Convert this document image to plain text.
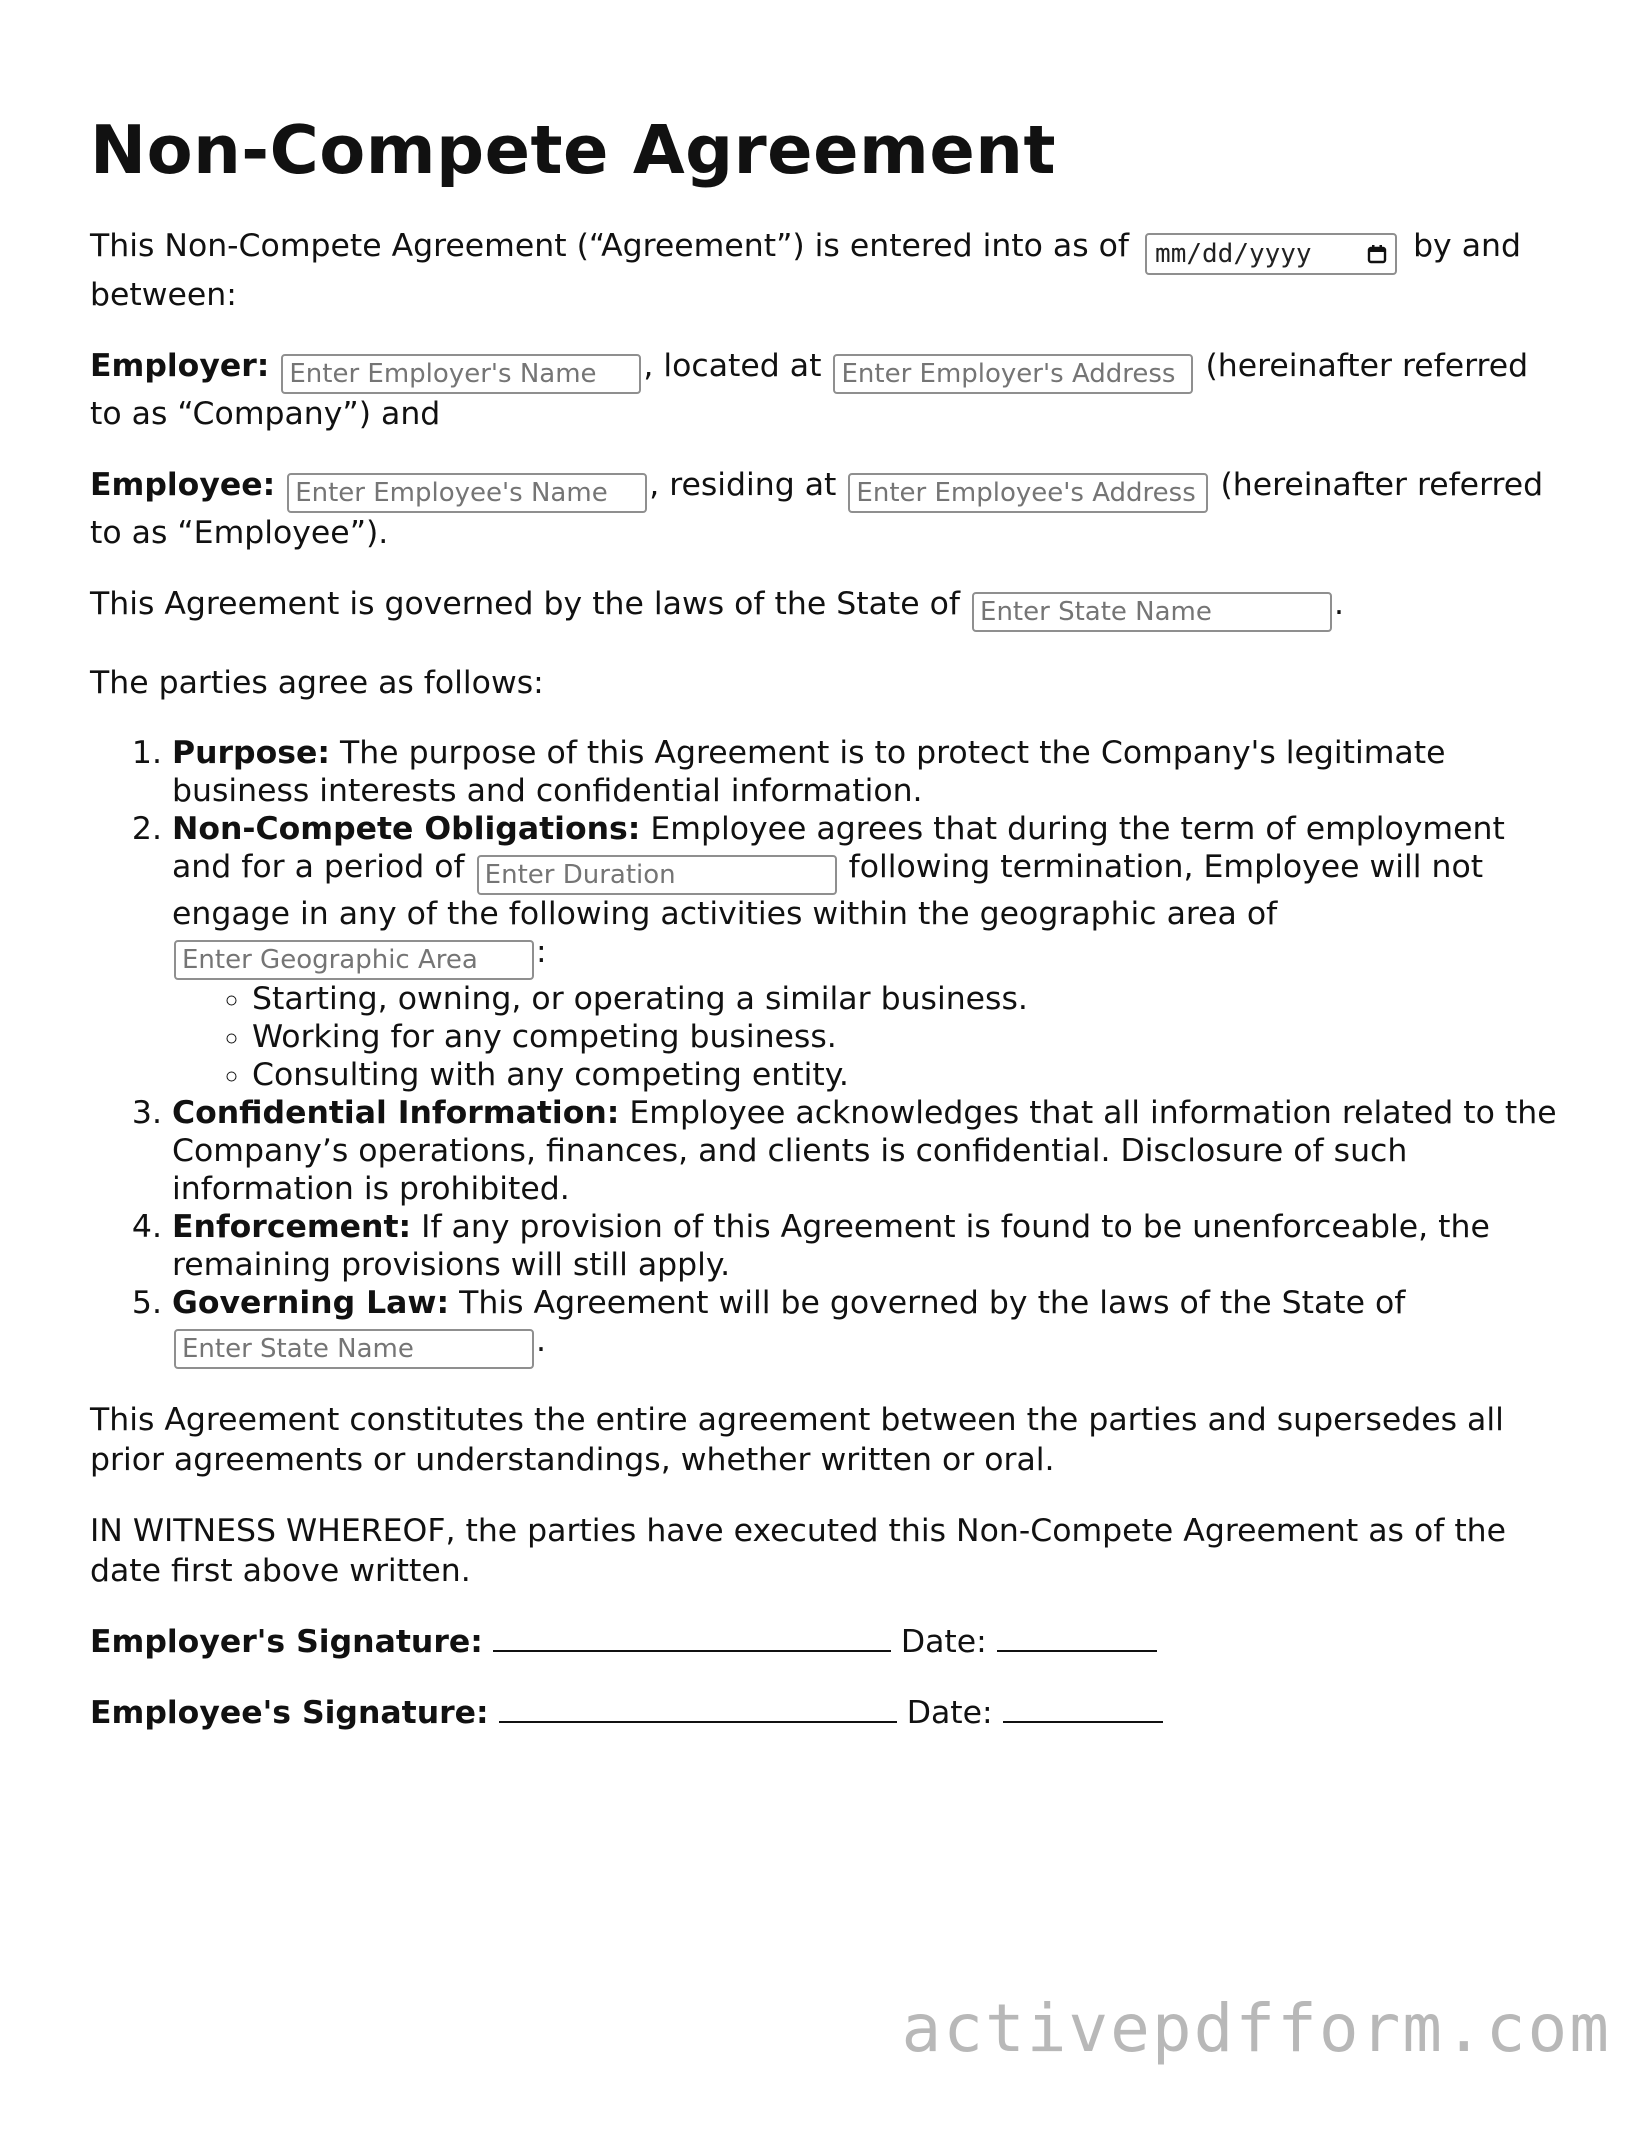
Non-Compete Agreement

This Non-Compete Agreement (“Agreement”) is entered into as of mm/dd/yyyy	by and between:

Employer: Enter Employer's Name	, located at Enter Employer's Address	(hereinafter referred to as “Company”) and

Employee: Enter Employee's Name	, residing at Enter Employee's Address	(hereinafter referred to as “Employee”).

This Agreement is governed by the laws of the State of Enter State Name	.

The parties agree as follows:

1. Purpose: The purpose of this Agreement is to protect the Company's legitimate business interests and confidential information.
2. Non-Compete Obligations: Employee agrees that during the term of employment and for a period of Enter Duration	following termination, Employee will not engage in any of the following activities within the geographic area of Enter Geographic Area:
◦ Starting, owning, or operating a similar business.
◦ Working for any competing business.
◦ Consulting with any competing entity.
3. Confidential Information: Employee acknowledges that all information related to the Company’s operations, finances, and clients is confidential. Disclosure of such information is prohibited.
4. Enforcement: If any provision of this Agreement is found to be unenforceable, the remaining provisions will still apply.
5. Governing Law: This Agreement will be governed by the laws of the State of Enter State Name.

This Agreement constitutes the entire agreement between the parties and supersedes all prior agreements or understandings, whether written or oral.

IN WITNESS WHEREOF, the parties have executed this Non-Compete Agreement as of the date first above written.

Employer's Signature:	Date:
Employee's Signature:	Date:
activepdfform.com
